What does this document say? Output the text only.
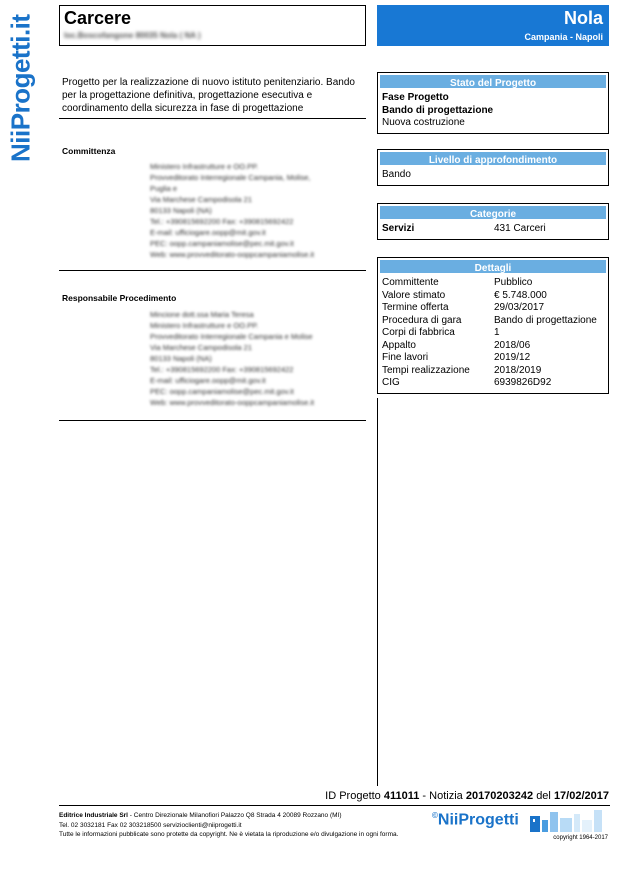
NiiProgetti.it Carcere
loc.Boscofangone 80035 Nola ( NA )
Nola
Campania - Napoli
Progetto per la realizzazione di nuovo istituto penitenziario. Bando per la progettazione definitiva, progettazione esecutiva e coordinamento della sicurezza in fase di progettazione
Committenza
Ministero Infrastrutture e OO.PP.
Provveditorato Interregionale Campania, Molise,
Puglia e
Via Marchese Campodisola 21
80133 Napoli (NA)
Tel.: +390815692200 Fax: +390815692422
E-mail: ufficiogare.oopp@mit.gov.it
PEC: oopp.campaniamolise@pec.mit.gov.it
Web: www.provveditorato-ooppcampaniamolise.it
Responsabile Procedimento
Mincione dott.ssa Maria Teresa
Ministero Infrastrutture e OO.PP.
Provveditorato Interregionale Campania e Molise
Via Marchese Campodisola 21
80133 Napoli (NA)
Tel.: +390815692200 Fax: +390815692422
E-mail: ufficiogare.oopp@mit.gov.it
PEC: oopp.campaniamolise@pec.mit.gov.it
Web: www.provveditorato-ooppcampaniamolise.it
Stato del Progetto
Fase Progetto
Bando di progettazione
Nuova costruzione
Livello di approfondimento
Bando
Categorie
Servizi	431 Carceri
Dettagli
Committente	Pubblico
Valore stimato	€ 5.748.000
Termine offerta	29/03/2017
Procedura di gara	Bando di progettazione
Corpi di fabbrica	1
Appalto	2018/06
Fine lavori	2019/12
Tempi realizzazione	2018/2019
CIG	6939826D92
ID Progetto 411011 - Notizia 20170203242 del 17/02/2017
Editrice Industriale Srl - Centro Direzionale Milanofiori Palazzo Q8 Strada 4 20089 Rozzano (MI)
Tel. 02 3032181 Fax 02 303218500 servizioclienti@niiprogetti.it
Tutte le informazioni pubblicate sono protette da copyright. Ne è vietata la riproduzione e/o divulgazione in ogni forma.
©NiiProgetti
copyright 1964-2017
